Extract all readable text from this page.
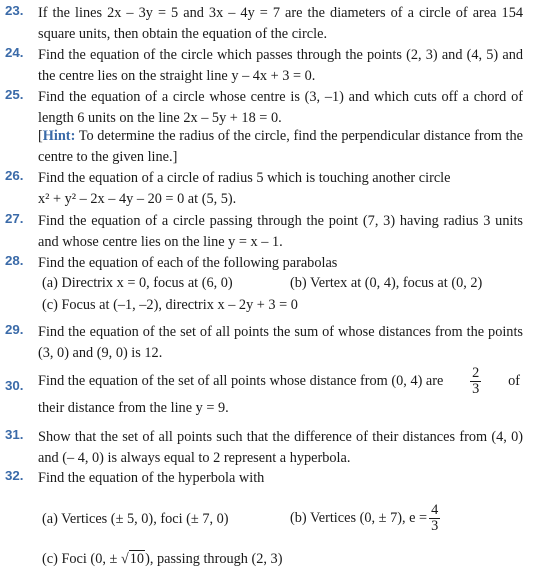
23.	If the lines 2x – 3y = 5 and 3x – 4y = 7 are the diameters of a circle of area 154 square units, then obtain the equation of the circle.
24.	Find the equation of the circle which passes through the points (2, 3) and (4, 5) and the centre lies on the straight line y – 4x + 3 = 0.
25.	Find the equation of a circle whose centre is (3, –1) and which cuts off a chord of length 6 units on the line 2x – 5y + 18 = 0.
[Hint: To determine the radius of the circle, find the perpendicular distance from the centre to the given line.]
26.	Find the equation of a circle of radius 5 which is touching another circle
x² + y² – 2x – 4y – 20 = 0 at (5, 5).
27.	Find the equation of a circle passing through the point (7, 3) having radius 3 units and whose centre lies on the line y = x – 1.
28.	Find the equation of each of the following parabolas
(a) Directrix x = 0, focus at (6, 0)	(b) Vertex at (0, 4), focus at (0, 2)
(c) Focus at (–1, –2), directrix x – 2y + 3 = 0
29.	Find the equation of the set of all points the sum of whose distances from the points (3, 0) and (9, 0) is 12.
30.	Find the equation of the set of all points whose distance from (0, 4) are $\frac{2}{3}$ of
their distance from the line y = 9.
31.	Show that the set of all points such that the difference of their distances from (4, 0) and (– 4, 0) is always equal to 2 represent a hyperbola.
32.	Find the equation of the hyperbola with
(a) Vertices (± 5, 0), foci (± 7, 0)	(b) Vertices (0, ± 7), $e = \frac{4}{3}$
(c) Foci (0, ± √10), passing through (2, 3)
